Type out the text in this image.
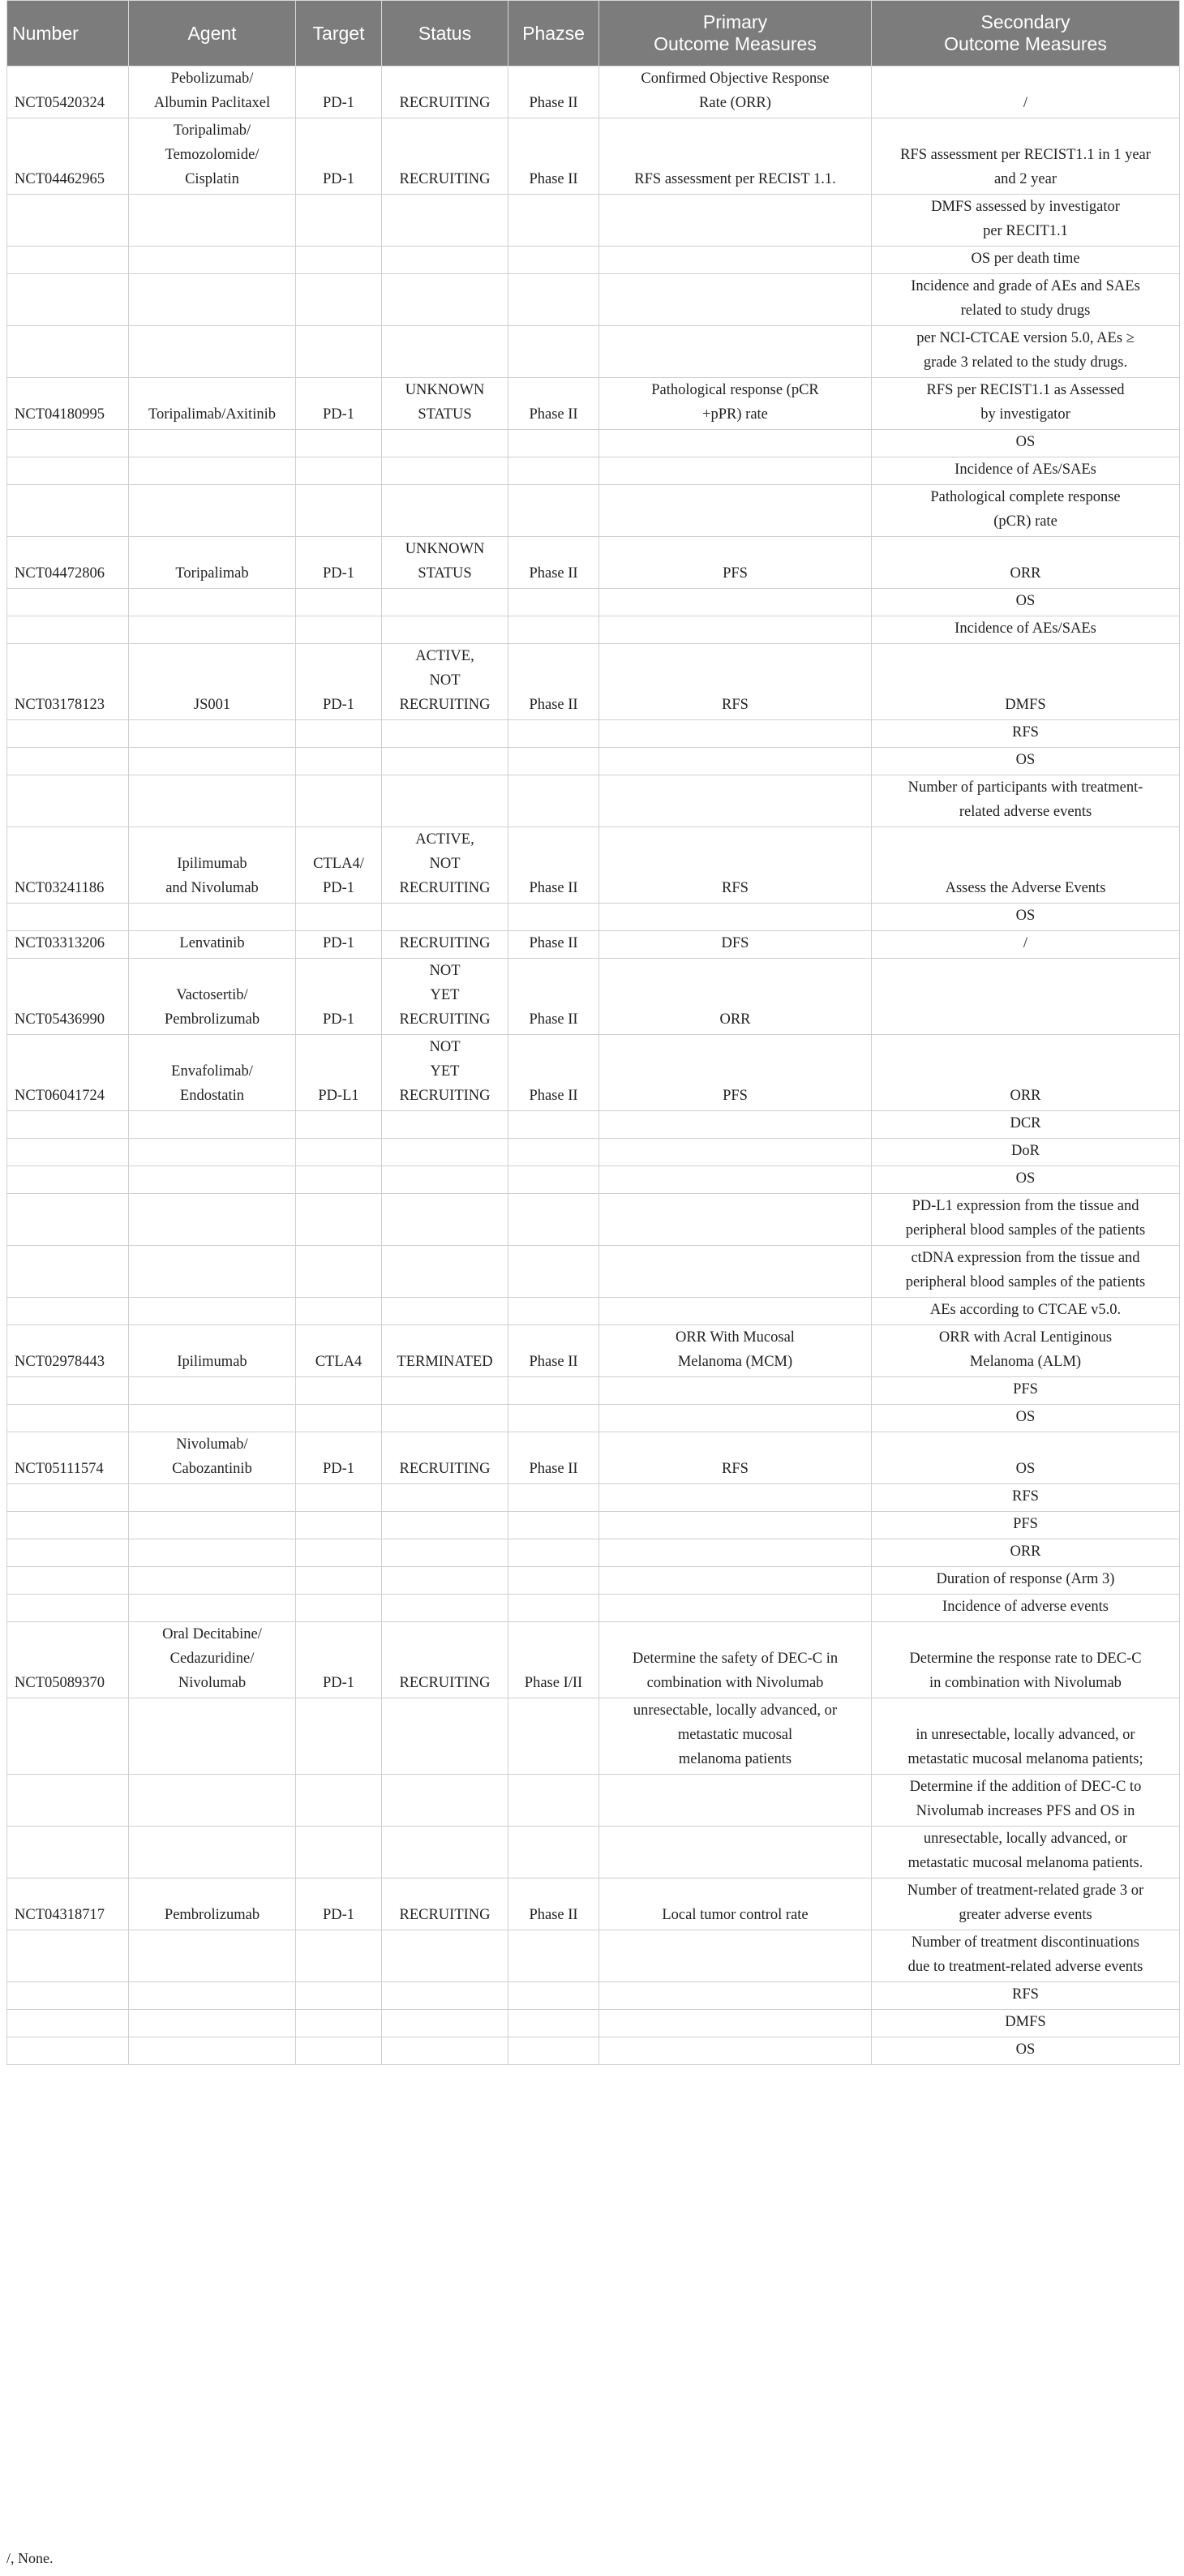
Number	Agent	Target	Status	Phazse	Primary
Outcome Measures	Secondary
Outcome Measures
NCT05420324	Pebolizumab/
Albumin Paclitaxel	PD-1	RECRUITING	Phase II	Confirmed Objective Response
Rate (ORR)	/
NCT04462965	Toripalimab/
Temozolomide/
Cisplatin	PD-1	RECRUITING	Phase II	RFS assessment per RECIST 1.1.	RFS assessment per RECIST1.1 in 1 year
and 2 year
						DMFS assessed by investigator
per RECIT1.1
						OS per death time
						Incidence and grade of AEs and SAEs
related to study drugs
						per NCI-CTCAE version 5.0, AEs ≥
grade 3 related to the study drugs.
NCT04180995	Toripalimab/Axitinib	PD-1	UNKNOWN
STATUS	Phase II	Pathological response (pCR
+pPR) rate	RFS per RECIST1.1 as Assessed
by investigator
						OS
						Incidence of AEs/SAEs
						Pathological complete response
(pCR) rate
NCT04472806	Toripalimab	PD-1	UNKNOWN
STATUS	Phase II	PFS	ORR
						OS
						Incidence of AEs/SAEs
NCT03178123	JS001	PD-1	ACTIVE,
NOT
RECRUITING	Phase II	RFS	DMFS
						RFS
						OS
						Number of participants with treatment-
related adverse events
NCT03241186	Ipilimumab
and Nivolumab	CTLA4/
PD-1	ACTIVE,
NOT
RECRUITING	Phase II	RFS	Assess the Adverse Events
						OS
NCT03313206	Lenvatinib	PD-1	RECRUITING	Phase II	DFS	/
NCT05436990	Vactosertib/
Pembrolizumab	PD-1	NOT
YET
RECRUITING	Phase II	ORR	
NCT06041724	Envafolimab/
Endostatin	PD-L1	NOT
YET
RECRUITING	Phase II	PFS	ORR
						DCR
						DoR
						OS
						PD-L1 expression from the tissue and
peripheral blood samples of the patients
						ctDNA expression from the tissue and
peripheral blood samples of the patients
						AEs according to CTCAE v5.0.
NCT02978443	Ipilimumab	CTLA4	TERMINATED	Phase II	ORR With Mucosal
Melanoma (MCM)	ORR with Acral Lentiginous
Melanoma (ALM)
						PFS
						OS
NCT05111574	Nivolumab/
Cabozantinib	PD-1	RECRUITING	Phase II	RFS	OS
						RFS
						PFS
						ORR
						Duration of response (Arm 3)
						Incidence of adverse events
NCT05089370	Oral Decitabine/
Cedazuridine/
Nivolumab	PD-1	RECRUITING	Phase I/II	Determine the safety of DEC-C in
combination with Nivolumab	Determine the response rate to DEC-C
in combination with Nivolumab
					unresectable, locally advanced, or
metastatic mucosal
melanoma patients	in unresectable, locally advanced, or
metastatic mucosal melanoma patients;
						Determine if the addition of DEC-C to
Nivolumab increases PFS and OS in
						unresectable, locally advanced, or
metastatic mucosal melanoma patients.
NCT04318717	Pembrolizumab	PD-1	RECRUITING	Phase II	Local tumor control rate	Number of treatment-related grade 3 or
greater adverse events
						Number of treatment discontinuations
due to treatment-related adverse events
						RFS
						DMFS
						OS
/, None.
